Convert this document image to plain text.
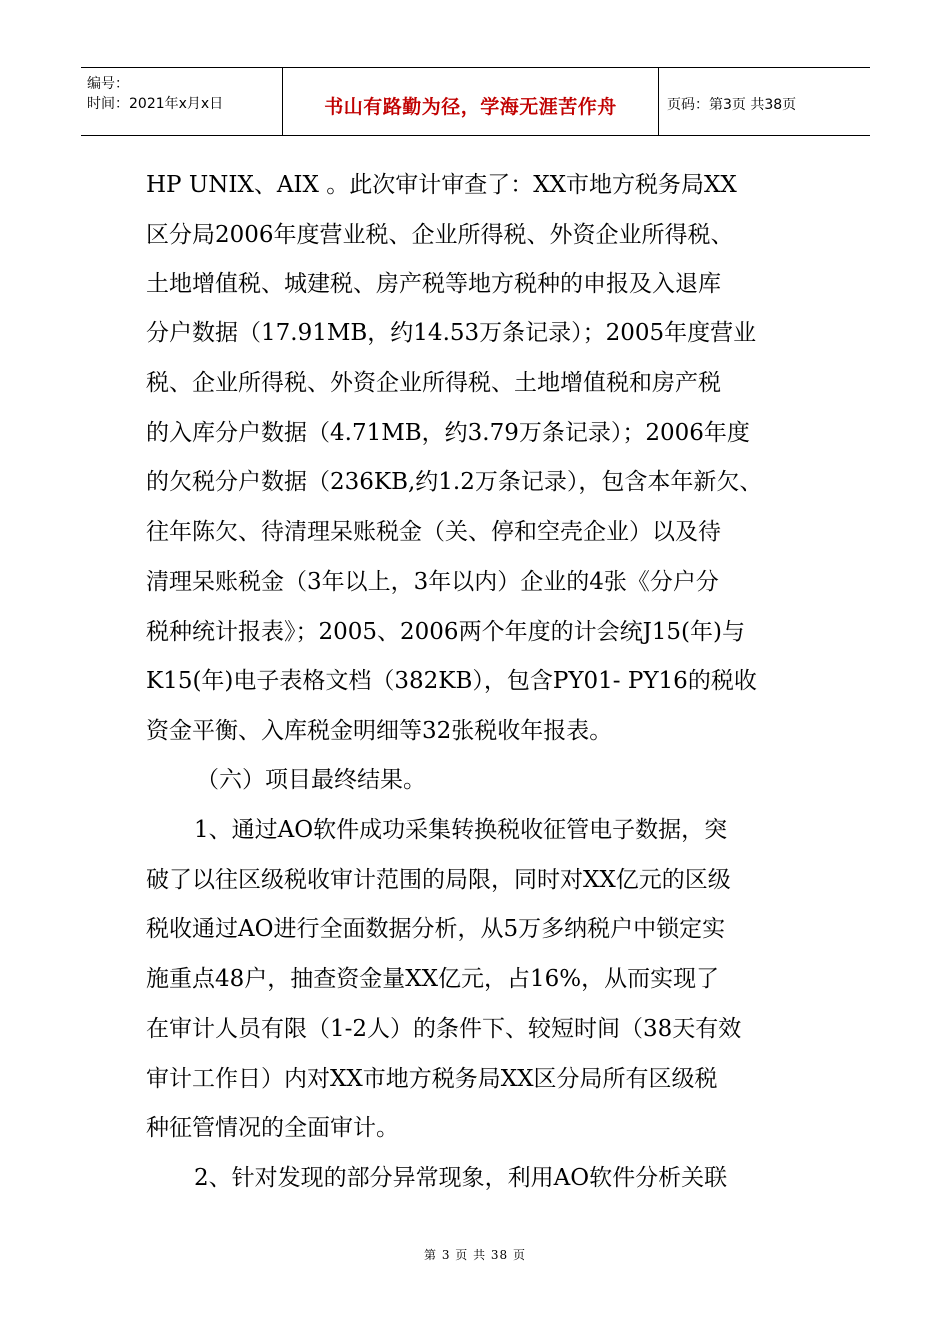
编号：
时间：2021年x月x日	书山有路勤为径，学海无涯苦作舟	页码：第3页 共38页
HP UNIX、AIX 。此次审计审查了：XX市地方税务局XX
区分局2006年度营业税、企业所得税、外资企业所得税、
土地增值税、城建税、房产税等地方税种的申报及入退库
分户数据（17.91MB，约14.53万条记录）；2005年度营业
税、企业所得税、外资企业所得税、土地增值税和房产税
的入库分户数据（4.71MB，约3.79万条记录）；2006年度
的欠税分户数据（236KB,约1.2万条记录），包含本年新欠、
往年陈欠、待清理呆账税金（关、停和空壳企业）以及待
清理呆账税金（3年以上，3年以内）企业的4张《分户分
税种统计报表》；2005、2006两个年度的计会统J15(年)与
K15(年)电子表格文档（382KB），包含PY01- PY16的税收
资金平衡、入库税金明细等32张税收年报表。
（六）项目最终结果。
1、通过AO软件成功采集转换税收征管电子数据，突
破了以往区级税收审计范围的局限，同时对XX亿元的区级
税收通过AO进行全面数据分析，从5万多纳税户中锁定实
施重点48户，抽查资金量XX亿元，占16%，从而实现了
在审计人员有限（1-2人）的条件下、较短时间（38天有效
审计工作日）内对XX市地方税务局XX区分局所有区级税
种征管情况的全面审计。
2、针对发现的部分异常现象，利用AO软件分析关联
第 3 页 共 38 页
